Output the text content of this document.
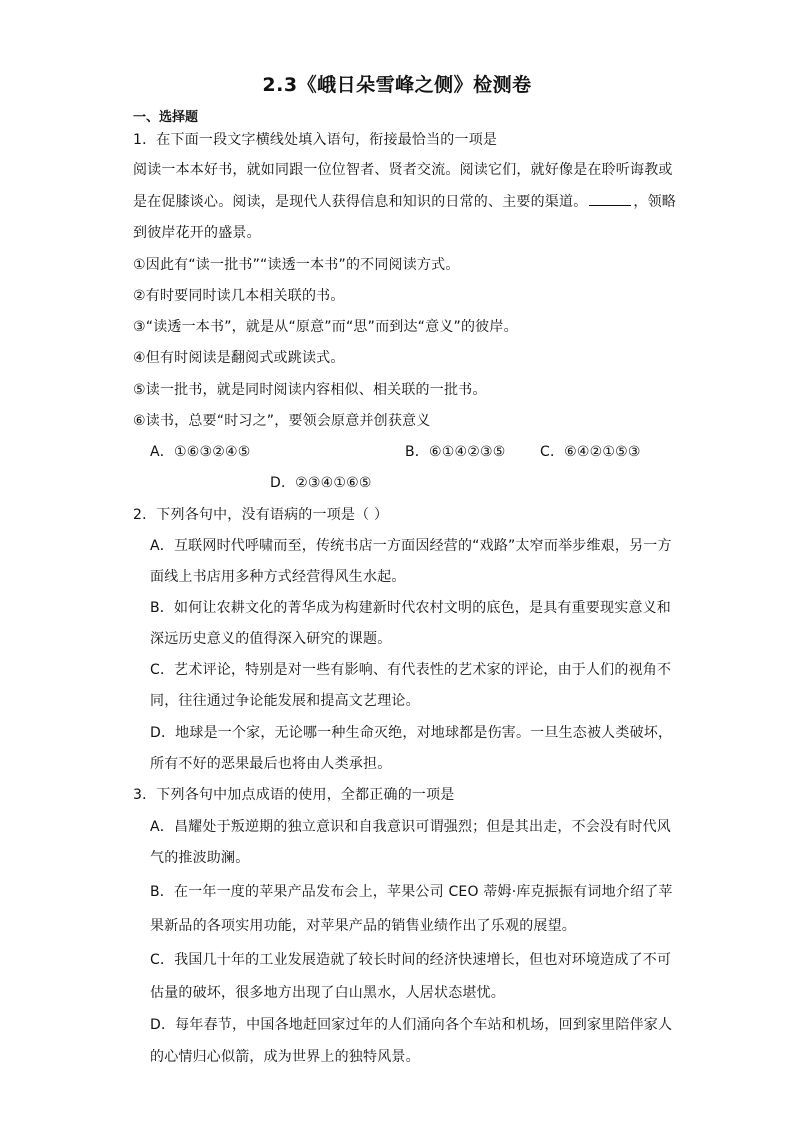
2.3《峨日朵雪峰之侧》检测卷
一、选择题
1．在下面一段文字横线处填入语句，衔接最恰当的一项是
阅读一本本好书，就如同跟一位位智者、贤者交流。阅读它们，就好像是在聆听诲教或
是在促膝谈心。阅读，是现代人获得信息和知识的日常的、主要的渠道。	，领略
到彼岸花开的盛景。
①因此有“读一批书”“读透一本书”的不同阅读方式。
②有时要同时读几本相关联的书。
③“读透一本书”，就是从“原意”而“思”而到达“意义”的彼岸。
④但有时阅读是翻阅式或跳读式。
⑤读一批书，就是同时阅读内容相似、相关联的一批书。
⑥读书，总要“时习之”，要领会原意并创获意义
A．①⑥③②④⑤	B．⑥①④②③⑤ C．⑥④②①⑤③
D．②③④①⑥⑤
2．下列各句中，没有语病的一项是（ ）
A．互联网时代呼啸而至，传统书店一方面因经营的“戏路”太窄而举步维艰，另一方
面线上书店用多种方式经营得风生水起。
B．如何让农耕文化的菁华成为构建新时代农村文明的底色，是具有重要现实意义和
深远历史意义的值得深入研究的课题。
C．艺术评论，特别是对一些有影响、有代表性的艺术家的评论，由于人们的视角不
同，往往通过争论能发展和提高文艺理论。
D．地球是一个家，无论哪一种生命灭绝，对地球都是伤害。一旦生态被人类破坏，
所有不好的恶果最后也将由人类承担。
3．下列各句中加点成语的使用，全都正确的一项是
A．昌耀处于叛逆期的独立意识和自我意识可谓强烈；但是其出走，不会没有时代风
气的推波助澜。
B．在一年一度的苹果产品发布会上，苹果公司 CEO 蒂姆·库克振振有词地介绍了苹
果新品的各项实用功能，对苹果产品的销售业绩作出了乐观的展望。
C．我国几十年的工业发展造就了较长时间的经济快速增长，但也对环境造成了不可
估量的破坏，很多地方出现了白山黑水，人居状态堪忧。
D．每年春节，中国各地赶回家过年的人们涌向各个车站和机场，回到家里陪伴家人
的心情归心似箭，成为世界上的独特风景。
